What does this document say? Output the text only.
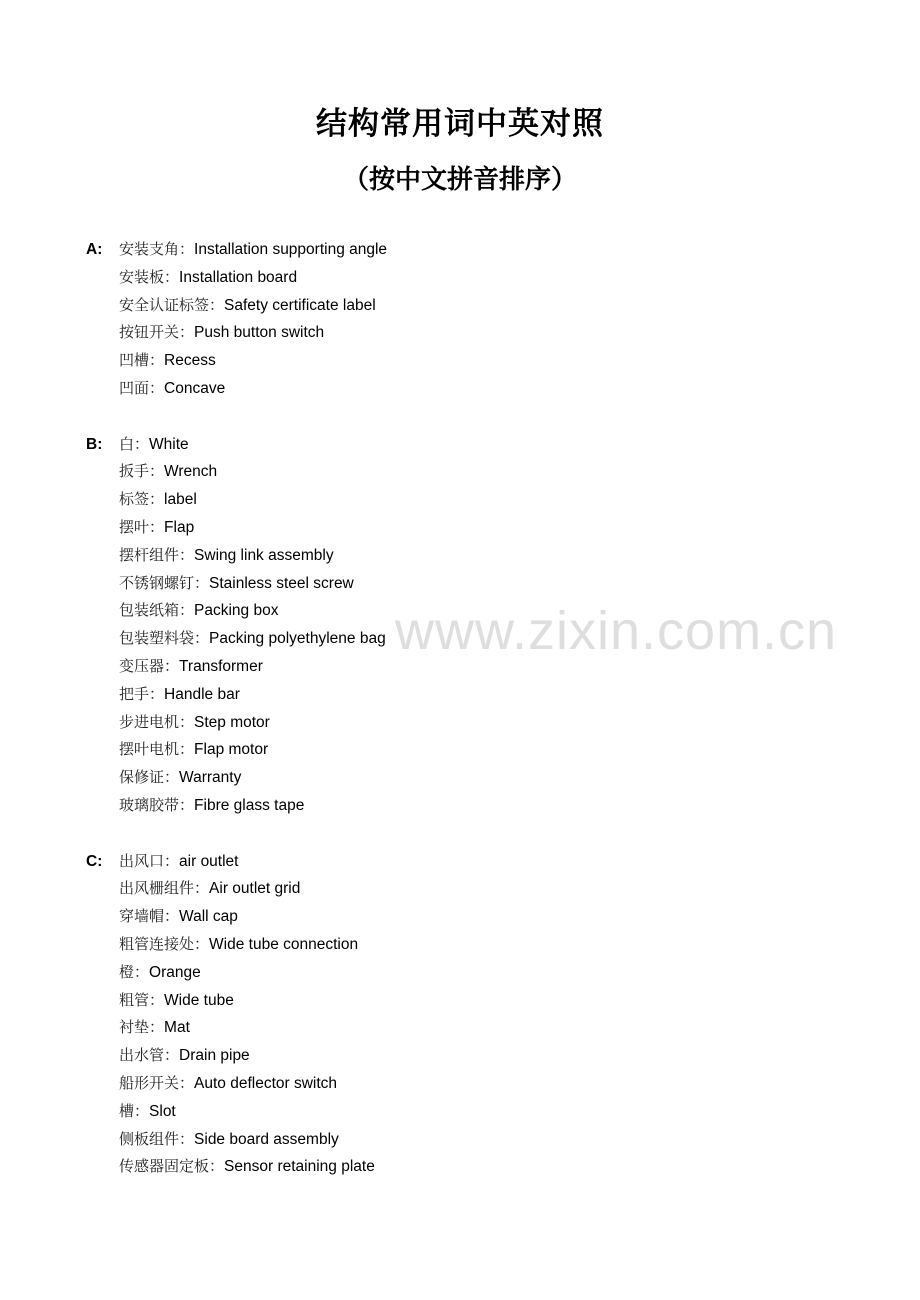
结构常用词中英对照
（按中文拼音排序）
A:	安装支角：Installation supporting angle
安装板：Installation board
安全认证标签：Safety certificate label
按钮开关：Push button switch
凹槽：Recess
凹面：Concave
B:	白：White
扳手：Wrench
标签：label
摆叶：Flap
摆杆组件：Swing link assembly
不锈钢螺钉：Stainless steel screw
包装纸箱：Packing box
包装塑料袋：Packing polyethylene bag
变压器：Transformer
把手：Handle bar
步进电机：Step motor
摆叶电机：Flap motor
保修证：Warranty
玻璃胶带：Fibre glass tape
C:	出风口：air outlet
出风栅组件：Air outlet grid
穿墙帽：Wall cap
粗管连接处：Wide tube connection
橙：Orange
粗管：Wide tube
衬垫：Mat
出水管：Drain pipe
船形开关：Auto deflector switch
槽：Slot
侧板组件：Side board assembly
传感器固定板：Sensor retaining plate
www.zixin.com.cn
